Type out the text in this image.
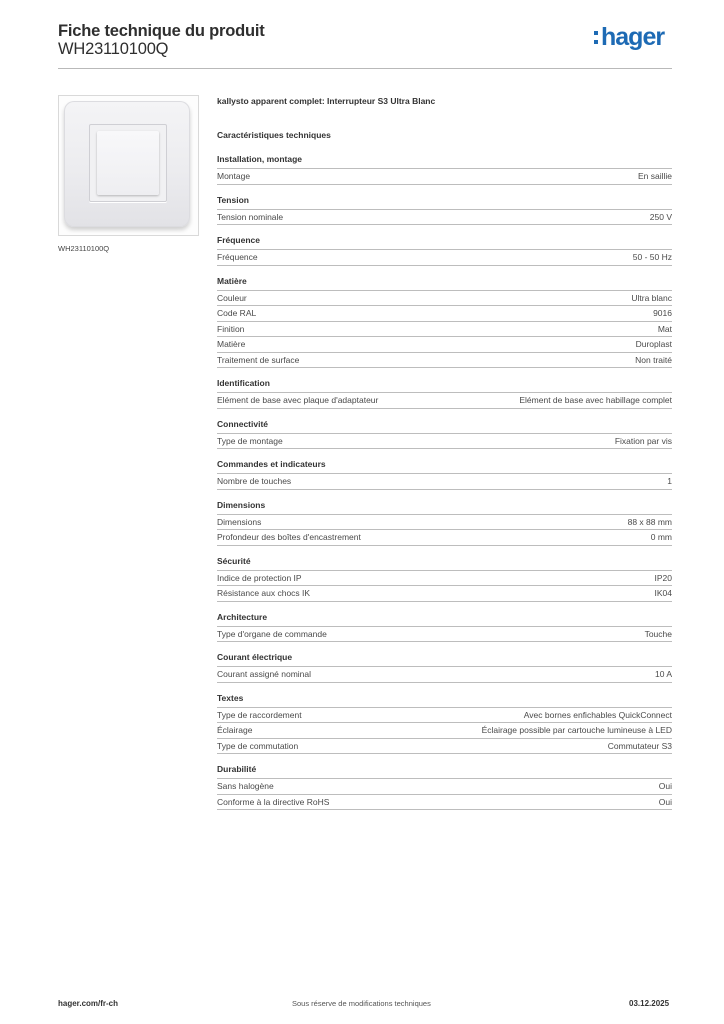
Fiche technique du produit
WH23110100Q	hager
WH23110100Q
kallysto apparent complet: Interrupteur S3 Ultra Blanc
Caractéristiques techniques
Installation, montage
Montage	En saillie
Tension
Tension nominale	250 V
Fréquence
Fréquence	50 - 50 Hz
Matière
Couleur	Ultra blanc
Code RAL	9016
Finition	Mat
Matière	Duroplast
Traitement de surface	Non traité
Identification
Elément de base avec plaque d'adaptateur	Elément de base avec habillage complet
Connectivité
Type de montage	Fixation par vis
Commandes et indicateurs
Nombre de touches	1
Dimensions
Dimensions	88 x 88 mm
Profondeur des boîtes d'encastrement	0 mm
Sécurité
Indice de protection IP	IP20
Résistance aux chocs IK	IK04
Architecture
Type d'organe de commande	Touche
Courant électrique
Courant assigné nominal	10 A
Textes
Type de raccordement	Avec bornes enfichables QuickConnect
Éclairage	Éclairage possible par cartouche lumineuse à LED
Type de commutation	Commutateur S3
Durabilité
Sans halogène	Oui
Conforme à la directive RoHS	Oui
hager.com/fr-ch	Sous réserve de modifications techniques	03.12.2025
